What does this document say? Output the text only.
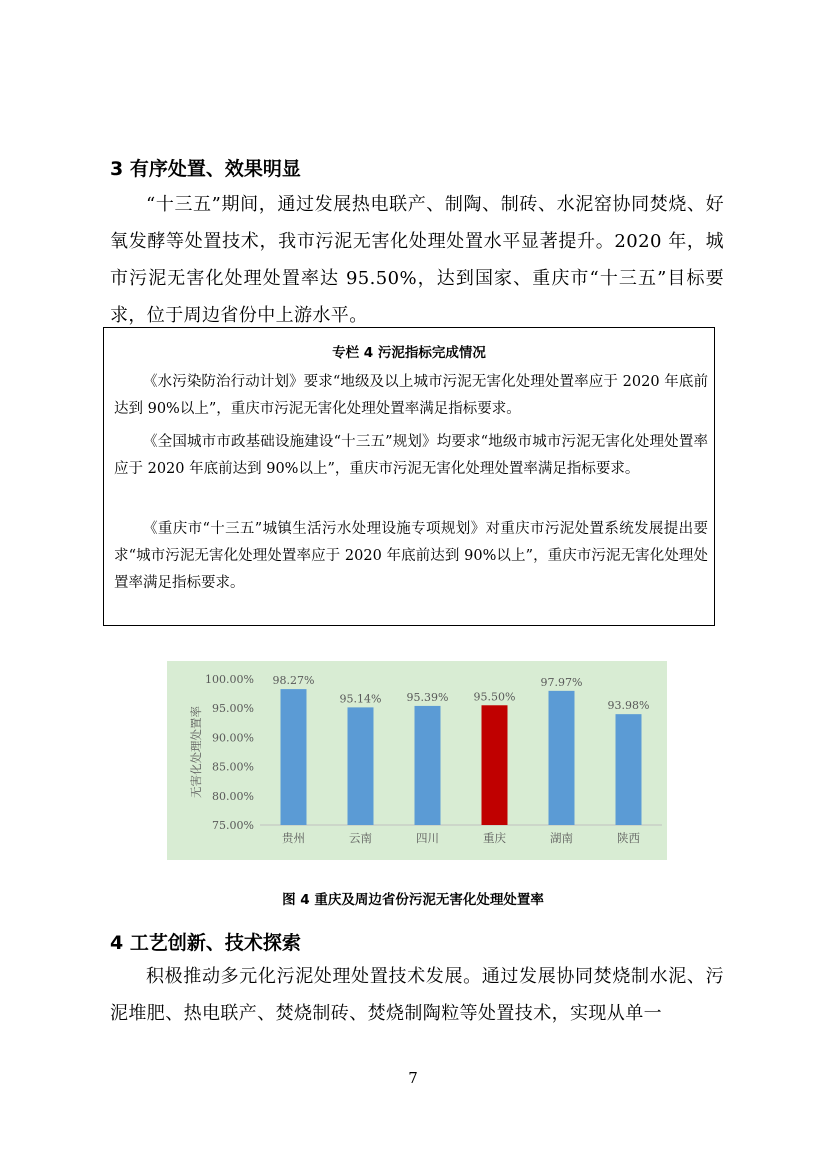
3 有序处置、效果明显

“十三五”期间，通过发展热电联产、制陶、制砖、水泥窑协同焚烧、好氧发酵等处置技术，我市污泥无害化处理处置水平显著提升。2020 年，城市污泥无害化处理处置率达 95.50%，达到国家、重庆市“十三五”目标要求，位于周边省份中上游水平。

专栏 4 污泥指标完成情况

《水污染防治行动计划》要求“地级及以上城市污泥无害化处理处置率应于 2020 年底前达到 90%以上”，重庆市污泥无害化处理处置率满足指标要求。

《全国城市市政基础设施建设“十三五”规划》均要求“地级市城市污泥无害化处理处置率应于 2020 年底前达到 90%以上”，重庆市污泥无害化处理处置率满足指标要求。

《重庆市“十三五”城镇生活污水处理设施专项规划》对重庆市污泥处置系统发展提出要求“城市污泥无害化处理处置率应于 2020 年底前达到 90%以上”，重庆市污泥无害化处理处置率满足指标要求。

75.00%
80.00%
85.00%
90.00%
95.00%
100.00%
无害化处理处置率
98.27%
贵州
95.14%
云南
95.39%
四川
95.50%
重庆
97.97%
湖南
93.98%
陕西
图 4 重庆及周边省份污泥无害化处理处置率
4 工艺创新、技术探索

积极推动多元化污泥处理处置技术发展。通过发展协同焚烧制水泥、污泥堆肥、热电联产、焚烧制砖、焚烧制陶粒等处置技术，实现从单一

7
